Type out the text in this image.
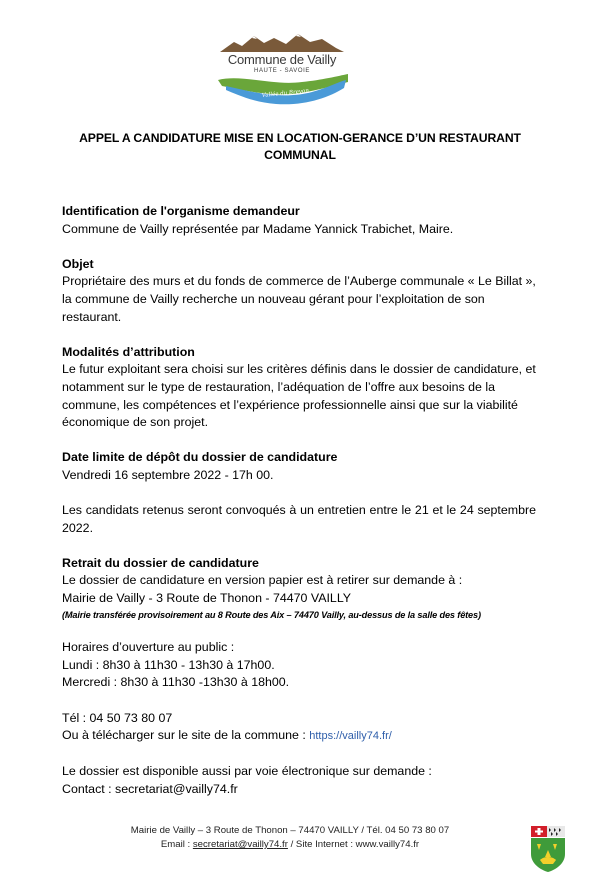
Vallée du Brevon
Commune de Vailly
HAUTE - SAVOIE
APPEL A CANDIDATURE MISE EN LOCATION-GERANCE D’UN RESTAURANT
COMMUNAL

Identification de l'organisme demandeur

Commune de Vailly représentée par Madame Yannick Trabichet, Maire.

Objet

Propriétaire des murs et du fonds de commerce de l’Auberge communale « Le Billat », la commune de Vailly recherche un nouveau gérant pour l’exploitation de son restaurant.

Modalités d’attribution

Le futur exploitant sera choisi sur les critères définis dans le dossier de candidature, et notamment sur le type de restauration, l’adéquation de l’offre aux besoins de la commune, les compétences et l’expérience professionnelle ainsi que sur la viabilité économique de son projet.

Date limite de dépôt du dossier de candidature

Vendredi 16 septembre 2022 - 17h 00.

Les candidats retenus seront convoqués à un entretien entre le 21 et le 24 septembre 2022.

Retrait du dossier de candidature

Le dossier de candidature en version papier est à retirer sur demande à :

Mairie de Vailly - 3 Route de Thonon - 74470 VAILLY

(Mairie transférée provisoirement au 8 Route des Aix – 74470 Vailly, au-dessus de la salle des fêtes)

Horaires d’ouverture au public :

Lundi : 8h30 à 11h30 - 13h30 à 17h00.

Mercredi : 8h30 à 11h30 -13h30 à 18h00.

Tél : 04 50 73 80 07

Ou à télécharger sur le site de la commune : https://vailly74.fr/

Le dossier est disponible aussi par voie électronique sur demande :

Contact : secretariat@vailly74.fr

Mairie de Vailly – 3 Route de Thonon – 74470 VAILLY / Tél. 04 50 73 80 07
Email : secretariat@vailly74.fr / Site Internet : www.vailly74.fr
